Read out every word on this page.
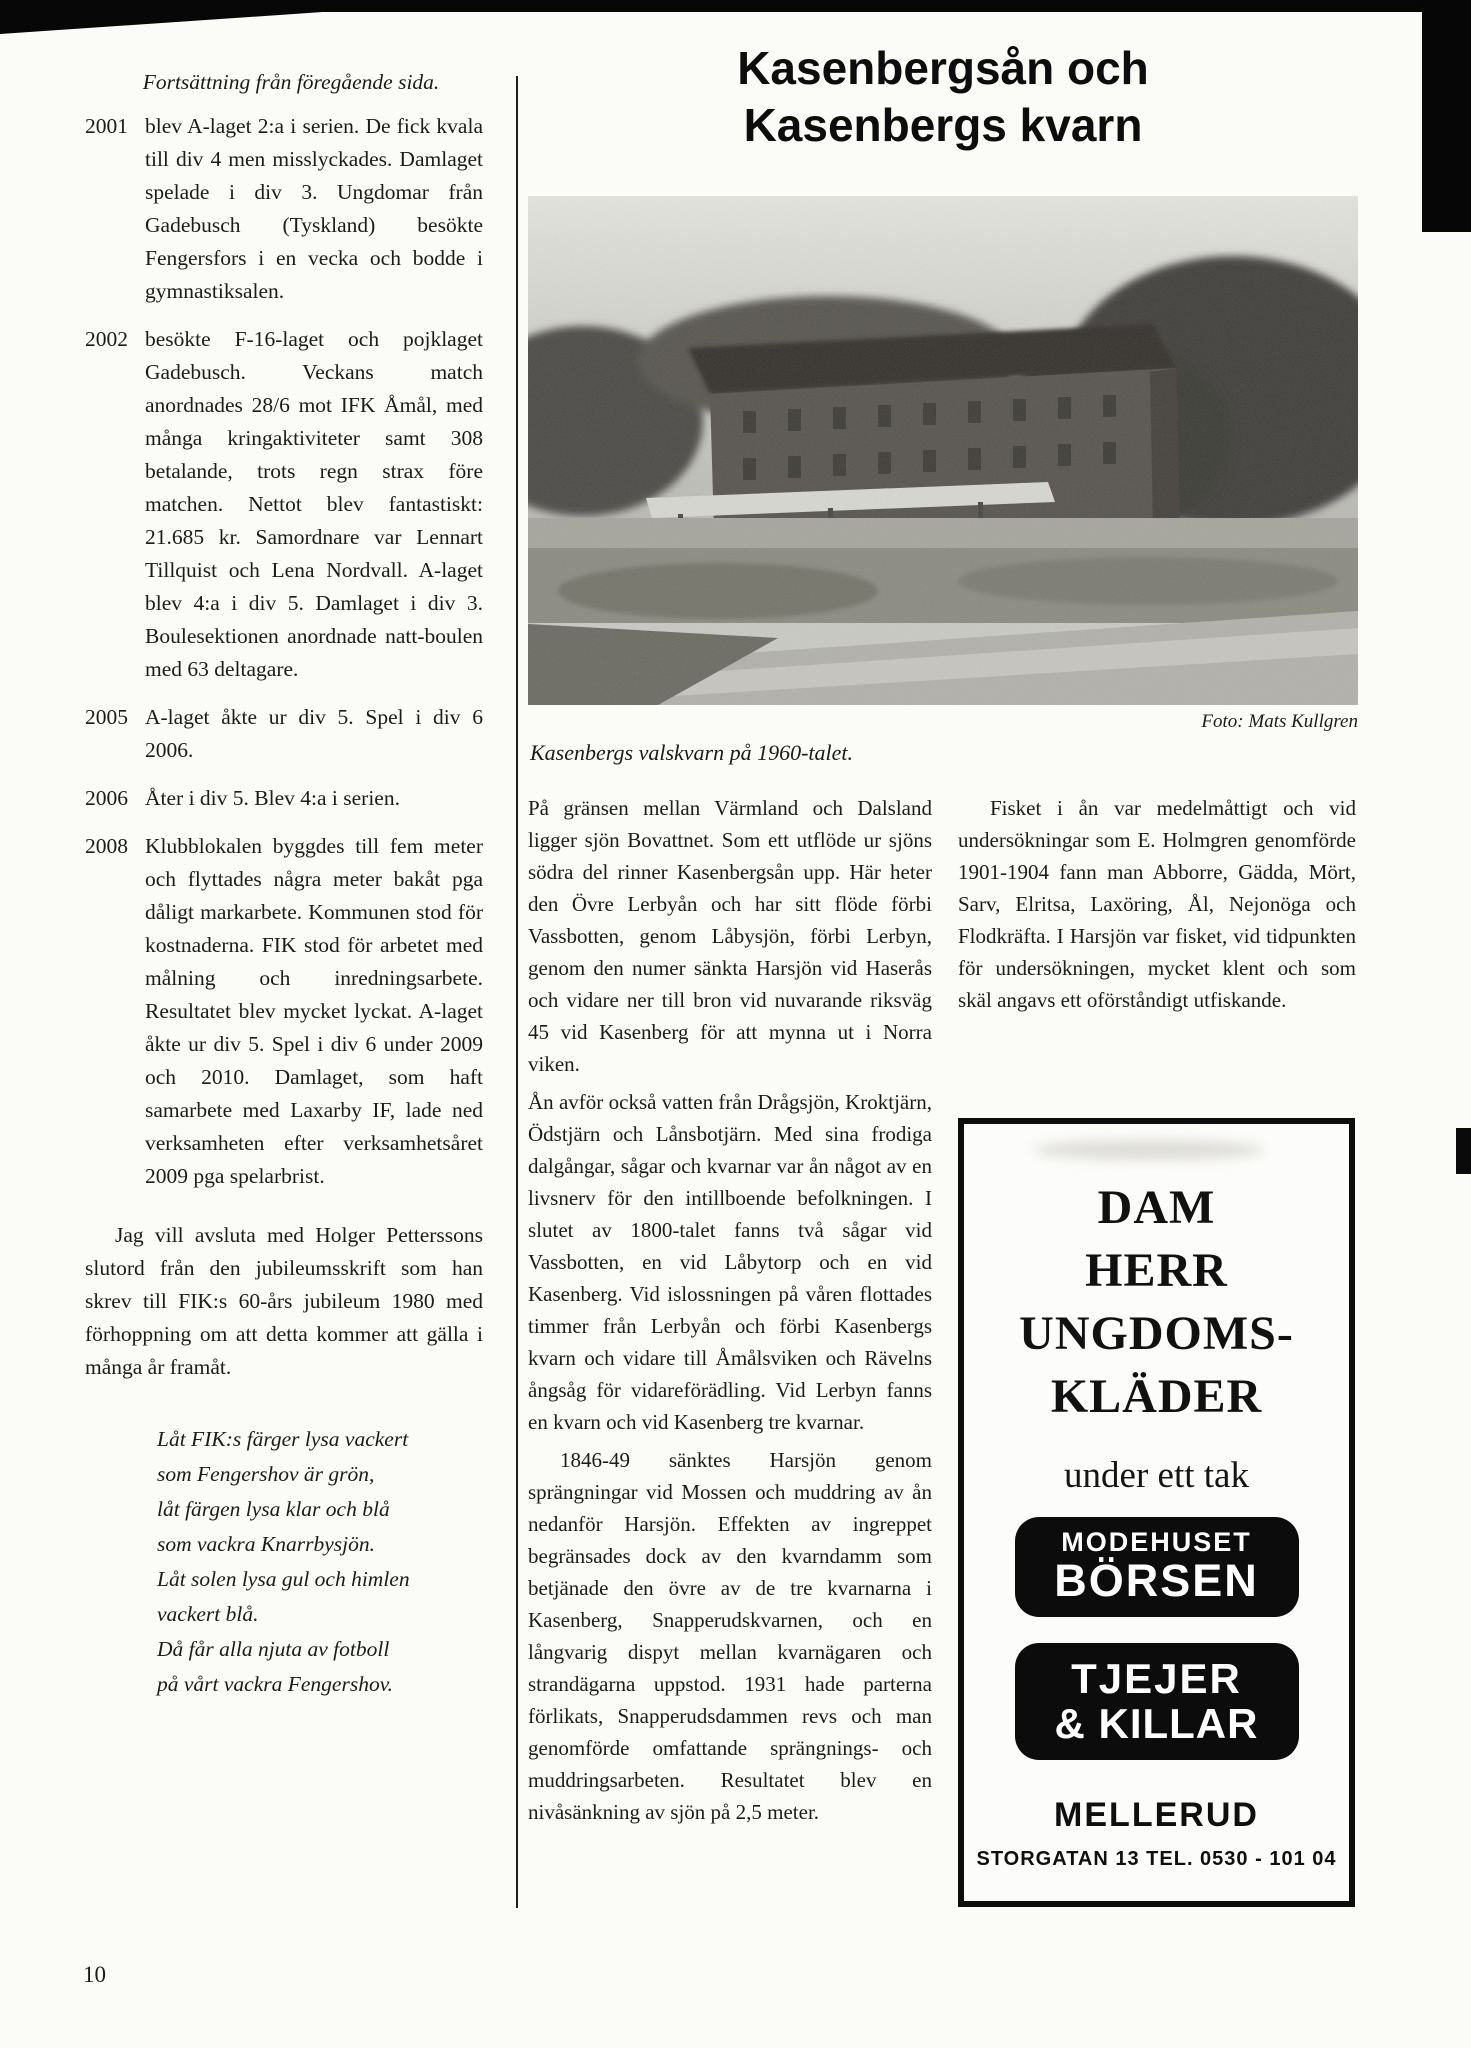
Fortsättning från föregående sida.
2001 blev A-laget 2:a i serien. De fick kvala till div 4 men misslyckades. Damlaget spelade i div 3. Ungdomar från Gadebusch (Tyskland) besökte Fengersfors i en vecka och bodde i gymnastiksalen.
2002 besökte F-16-laget och pojklaget Gadebusch. Veckans match anordnades 28/6 mot IFK Åmål, med många kringaktiviteter samt 308 betalande, trots regn strax före matchen. Nettot blev fantastiskt: 21.685 kr. Samordnare var Lennart Tillquist och Lena Nordvall. A-laget blev 4:a i div 5. Damlaget i div 3. Boulesektionen anordnade natt-boulen med 63 deltagare.
2005 A-laget åkte ur div 5. Spel i div 6 2006.
2006 Åter i div 5. Blev 4:a i serien.
2008 Klubblokalen byggdes till fem meter och flyttades några meter bakåt pga dåligt markarbete. Kommunen stod för kostnaderna. FIK stod för arbetet med målning och inredningsarbete. Resultatet blev mycket lyckat. A-laget åkte ur div 5. Spel i div 6 under 2009 och 2010. Damlaget, som haft samarbete med Laxarby IF, lade ned verksamheten efter verksamhetsåret 2009 pga spelarbrist.

Jag vill avsluta med Holger Petterssons slutord från den jubileumsskrift som han skrev till FIK:s 60-års jubileum 1980 med förhoppning om att detta kommer att gälla i många år framåt.

Låt FIK:s färger lysa vackert
som Fengershov är grön,
låt färgen lysa klar och blå
som vackra Knarrbysjön.
Låt solen lysa gul och himlen
vackert blå.
Då får alla njuta av fotboll
på vårt vackra Fengershov.
Kasenbergsån och
Kasenbergs kvarn
Foto: Mats Kullgren
Kasenbergs valskvarn på 1960-talet.

På gränsen mellan Värmland och Dalsland ligger sjön Bovattnet. Som ett utflöde ur sjöns södra del rinner Kasenbergsån upp. Här heter den Övre Lerbyån och har sitt flöde förbi Vassbotten, genom Låbysjön, förbi Lerbyn, genom den numer sänkta Harsjön vid Haserås och vidare ner till bron vid nuvarande riksväg 45 vid Kasenberg för att mynna ut i Norra viken.

Ån avför också vatten från Drågsjön, Kroktjärn, Ödstjärn och Lånsbotjärn. Med sina frodiga dalgångar, sågar och kvarnar var ån något av en livsnerv för den intillboende befolkningen. I slutet av 1800-talet fanns två sågar vid Vassbotten, en vid Låbytorp och en vid Kasenberg. Vid islossningen på våren flottades timmer från Lerbyån och förbi Kasenbergs kvarn och vidare till Åmålsviken och Rävelns ångsåg för vidareförädling. Vid Lerbyn fanns en kvarn och vid Kasenberg tre kvarnar.

1846-49 sänktes Harsjön genom sprängningar vid Mossen och muddring av ån nedanför Harsjön. Effekten av ingreppet begränsades dock av den kvarndamm som betjänade den övre av de tre kvarnarna i Kasenberg, Snapperudskvarnen, och en långvarig dispyt mellan kvarnägaren och strandägarna uppstod. 1931 hade parterna förlikats, Snapperudsdammen revs och man genomförde omfattande sprängnings- och muddringsarbeten. Resultatet blev en nivåsänkning av sjön på 2,5 meter.

Fisket i ån var medelmåttigt och vid undersökningar som E. Holmgren genomförde 1901-1904 fann man Abborre, Gädda, Mört, Sarv, Elritsa, Laxöring, Ål, Nejonöga och Flodkräfta. I Harsjön var fisket, vid tidpunkten för undersökningen, mycket klent och som skäl angavs ett oförståndigt utfiskande.

DAM
HERR
UNGDOMS-
KLÄDER
under ett tak
MODEHUSET
BÖRSEN
TJEJER
& KILLAR
MELLERUD
STORGATAN 13 TEL. 0530 - 101 04
10
